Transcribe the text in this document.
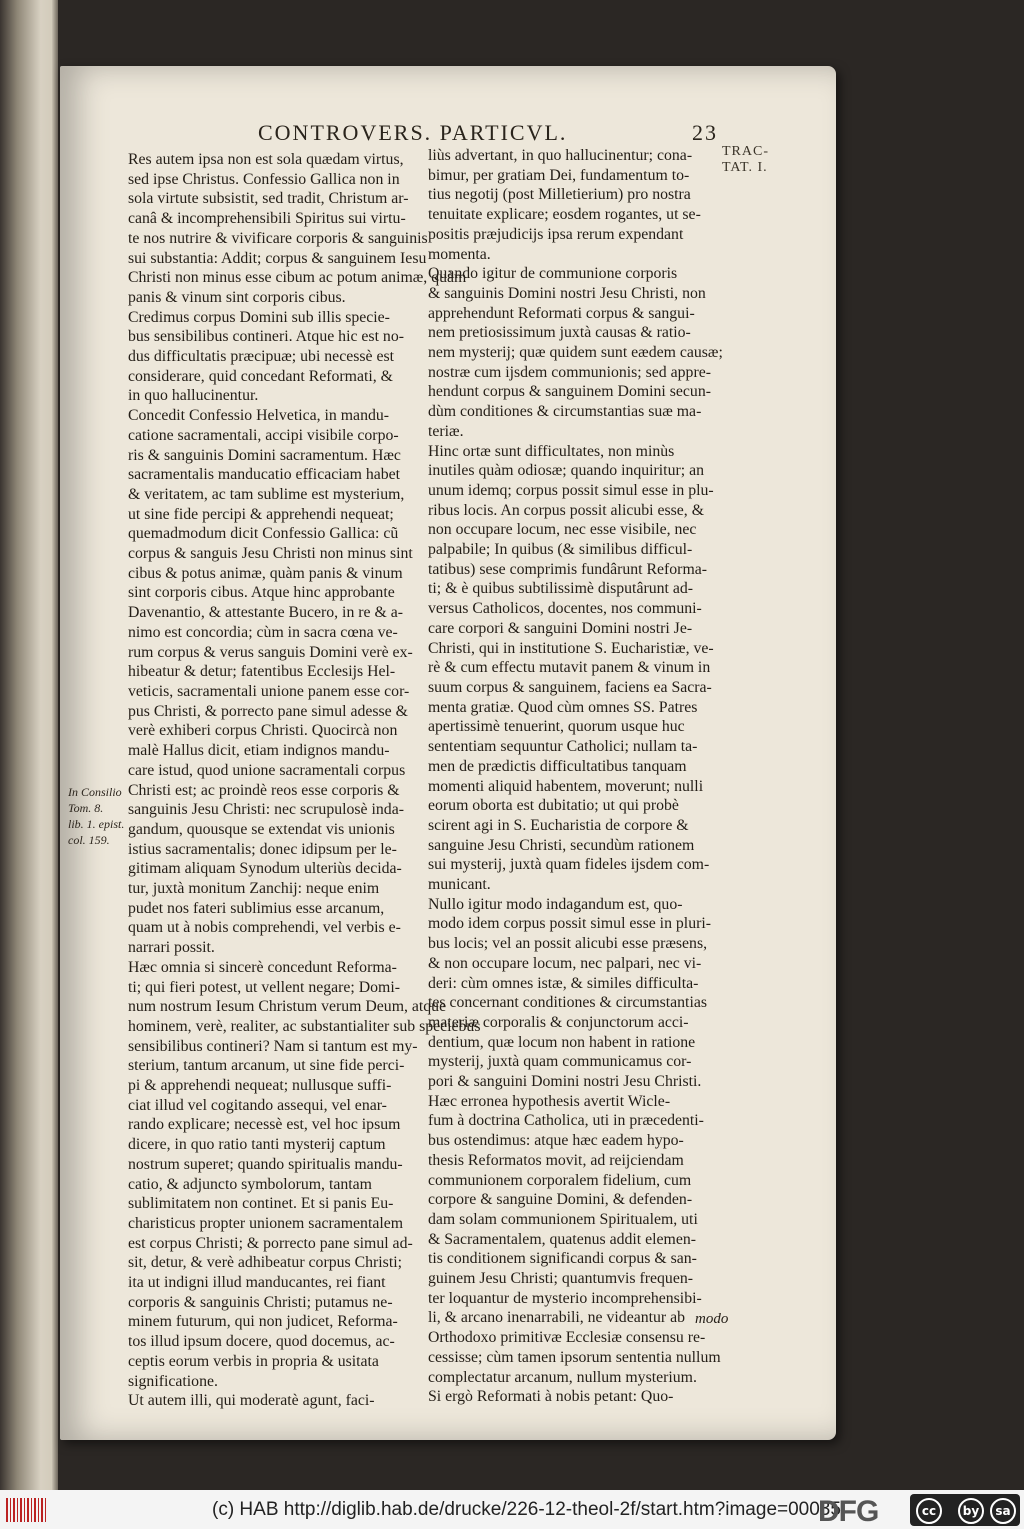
CONTROVERS. PARTICVL.	23
TRAC-
TAT. I.
In Consilio
Tom. 8.
lib. 1. epist.
col. 159.
Res autem ipsa non est sola quædam virtus,
sed ipse Christus. Confessio Gallica non in
sola virtute subsistit, sed tradit, Christum ar-
canâ & incomprehensibili Spiritus sui virtu-
te nos nutrire & vivificare corporis & sanguinis
sui substantia: Addit; corpus & sanguinem Iesu
Christi non minus esse cibum ac potum animæ, quàm
panis & vinum sint corporis cibus.
Credimus corpus Domini sub illis specie-
bus sensibilibus contineri. Atque hic est no-
dus difficultatis præcipuæ; ubi necessè est
considerare, quid concedant Reformati, &
in quo hallucinentur.
Concedit Confessio Helvetica, in mandu-
catione sacramentali, accipi visibile corpo-
ris & sanguinis Domini sacramentum. Hæc
sacramentalis manducatio efficaciam habet
& veritatem, ac tam sublime est mysterium,
ut sine fide percipi & apprehendi nequeat;
quemadmodum dicit Confessio Gallica: cũ
corpus & sanguis Jesu Christi non minus sint
cibus & potus animæ, quàm panis & vinum
sint corporis cibus. Atque hinc approbante
Davenantio, & attestante Bucero, in re & a-
nimo est concordia; cùm in sacra cœna ve-
rum corpus & verus sanguis Domini verè ex-
hibeatur & detur; fatentibus Ecclesijs Hel-
veticis, sacramentali unione panem esse cor-
pus Christi, & porrecto pane simul adesse &
verè exhiberi corpus Christi. Quocircà non
malè Hallus dicit, etiam indignos mandu-
care istud, quod unione sacramentali corpus
Christi est; ac proindè reos esse corporis &
sanguinis Jesu Christi: nec scrupulosè inda-
gandum, quousque se extendat vis unionis
istius sacramentalis; donec idipsum per le-
gitimam aliquam Synodum ulteriùs decida-
tur, juxtà monitum Zanchij: neque enim
pudet nos fateri sublimius esse arcanum,
quam ut à nobis comprehendi, vel verbis e-
narrari possit.
Hæc omnia si sincerè concedunt Reforma-
ti; qui fieri potest, ut vellent negare; Domi-
num nostrum Iesum Christum verum Deum, atque
hominem, verè, realiter, ac substantialiter sub speciebus
sensibilibus contineri? Nam si tantum est my-
sterium, tantum arcanum, ut sine fide perci-
pi & apprehendi nequeat; nullusque suffi-
ciat illud vel cogitando assequi, vel enar-
rando explicare; necessè est, vel hoc ipsum
dicere, in quo ratio tanti mysterij captum
nostrum superet; quando spiritualis mandu-
catio, & adjuncto symbolorum, tantam
sublimitatem non continet. Et si panis Eu-
charisticus propter unionem sacramentalem
est corpus Christi; & porrecto pane simul ad-
sit, detur, & verè adhibeatur corpus Christi;
ita ut indigni illud manducantes, rei fiant
corporis & sanguinis Christi; putamus ne-
minem futurum, qui non judicet, Reforma-
tos illud ipsum docere, quod docemus, ac-
ceptis eorum verbis in propria & usitata
significatione.
Ut autem illi, qui moderatè agunt, faci-
liùs advertant, in quo hallucinentur; cona-
bimur, per gratiam Dei, fundamentum to-
tius negotij (post Milletierium) pro nostra
tenuitate explicare; eosdem rogantes, ut se-
positis præjudicijs ipsa rerum expendant
momenta.
Quando igitur de communione corporis
& sanguinis Domini nostri Jesu Christi, non
apprehendunt Reformati corpus & sangui-
nem pretiosissimum juxtà causas & ratio-
nem mysterij; quæ quidem sunt eædem causæ;
nostræ cum ijsdem communionis; sed appre-
hendunt corpus & sanguinem Domini secun-
dùm conditiones & circumstantias suæ ma-
teriæ.
Hinc ortæ sunt difficultates, non minùs
inutiles quàm odiosæ; quando inquiritur; an
unum idemq; corpus possit simul esse in plu-
ribus locis. An corpus possit alicubi esse, &
non occupare locum, nec esse visibile, nec
palpabile; In quibus (& similibus difficul-
tatibus) sese comprimis fundârunt Reforma-
ti; & è quibus subtilissimè disputârunt ad-
versus Catholicos, docentes, nos communi-
care corpori & sanguini Domini nostri Je-
Christi, qui in institutione S. Eucharistiæ, ve-
rè & cum effectu mutavit panem & vinum in
suum corpus & sanguinem, faciens ea Sacra-
menta gratiæ. Quod cùm omnes SS. Patres
apertissimè tenuerint, quorum usque huc
sententiam sequuntur Catholici; nullam ta-
men de prædictis difficultatibus tanquam
momenti aliquid habentem, moverunt; nulli
eorum oborta est dubitatio; ut qui probè
scirent agi in S. Eucharistia de corpore &
sanguine Jesu Christi, secundùm rationem
sui mysterij, juxtà quam fideles ijsdem com-
municant.
Nullo igitur modo indagandum est, quo-
modo idem corpus possit simul esse in pluri-
bus locis; vel an possit alicubi esse præsens,
& non occupare locum, nec palpari, nec vi-
deri: cùm omnes istæ, & similes difficulta-
tes concernant conditiones & circumstantias
materiæ corporalis & conjunctorum acci-
dentium, quæ locum non habent in ratione
mysterij, juxtà quam communicamus cor-
pori & sanguini Domini nostri Jesu Christi.
Hæc erronea hypothesis avertit Wicle-
fum à doctrina Catholica, uti in præcedenti-
bus ostendimus: atque hæc eadem hypo-
thesis Reformatos movit, ad reijciendam
communionem corporalem fidelium, cum
corpore & sanguine Domini, & defenden-
dam solam communionem Spiritualem, uti
& Sacramentalem, quatenus addit elemen-
tis conditionem significandi corpus & san-
guinem Jesu Christi; quantumvis frequen-
ter loquantur de mysterio incomprehensibi-
li, & arcano inenarrabili, ne videantur ab
Orthodoxo primitivæ Ecclesiæ consensu re-
cessisse; cùm tamen ipsorum sententia nullum
complectatur arcanum, nullum mysterium.
Si ergò Reformati à nobis petant: Quo-
modo
(c) HAB http://diglib.hab.de/drucke/226-12-theol-2f/start.htm?image=00035
DFG	cc	by	sa
